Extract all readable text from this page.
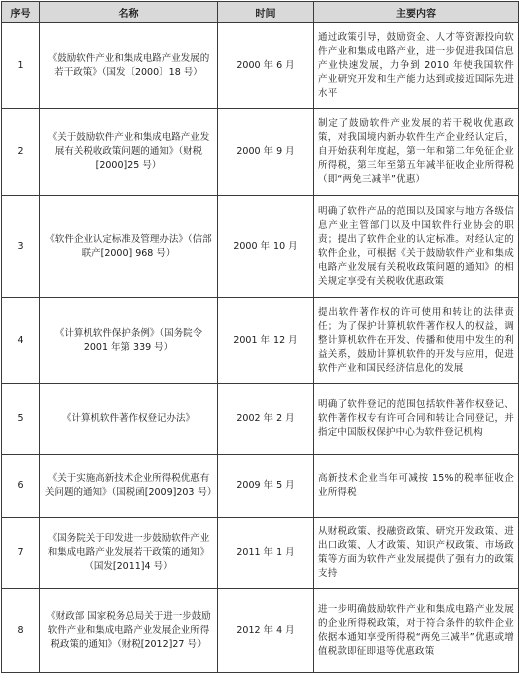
序号	名称	时间	主要内容
1	《鼓励软件产业和集成电路产业发展的若干政策》（国发〔2000〕18 号）	2000 年 6 月	通过政策引导，鼓励资金、人才等资源投向软件产业和集成电路产业，进一步促进我国信息产业快速发展，力争到 2010 年使我国软件产业研究开发和生产能力达到或接近国际先进水平
2	《关于鼓励软件产业和集成电路产业发展有关税收政策问题的通知》（财税[2000]25 号）	2000 年 9 月	制定了鼓励软件产业发展的若干税收优惠政策，对我国境内新办软件生产企业经认定后，自开始获利年度起，第一年和第二年免征企业所得税，第三年至第五年减半征收企业所得税（即“两免三减半”优惠）
3	《软件企业认定标准及管理办法》（信部联产[2000] 968 号）	2000 年 10 月	明确了软件产品的范围以及国家与地方各级信息产业主管部门以及中国软件行业协会的职责；提出了软件企业的认定标准。对经认定的软件企业，可根据《关于鼓励软件产业和集成电路产业发展有关税收政策问题的通知》的相关规定享受有关税收优惠政策
4	《计算机软件保护条例》（国务院令 2001 年第 339 号）	2001 年 12 月	提出软件著作权的许可使用和转让的法律责任；为了保护计算机软件著作权人的权益，调整计算机软件在开发、传播和使用中发生的利益关系，鼓励计算机软件的开发与应用，促进软件产业和国民经济信息化的发展
5	《计算机软件著作权登记办法》	2002 年 2 月	明确了软件登记的范围包括软件著作权登记、软件著作权专有许可合同和转让合同登记，并指定中国版权保护中心为软件登记机构
6	《关于实施高新技术企业所得税优惠有关问题的通知》（国税函[2009]203 号）	2009 年 5 月	高新技术企业当年可减按 15%的税率征收企业所得税
7	《国务院关于印发进一步鼓励软件产业和集成电路产业发展若干政策的通知》（国发[2011]4 号）	2011 年 1 月	从财税政策、投融资政策、研究开发政策、进出口政策、人才政策、知识产权政策、市场政策等方面为软件产业发展提供了强有力的政策支持
8	《财政部 国家税务总局关于进一步鼓励软件产业和集成电路产业发展企业所得税政策的通知》（财税[2012]27 号）	2012 年 4 月	进一步明确鼓励软件产业和集成电路产业发展的企业所得税政策，对于符合条件的软件企业依据本通知享受所得税“两免三减半”优惠或增值税款即征即退等优惠政策
